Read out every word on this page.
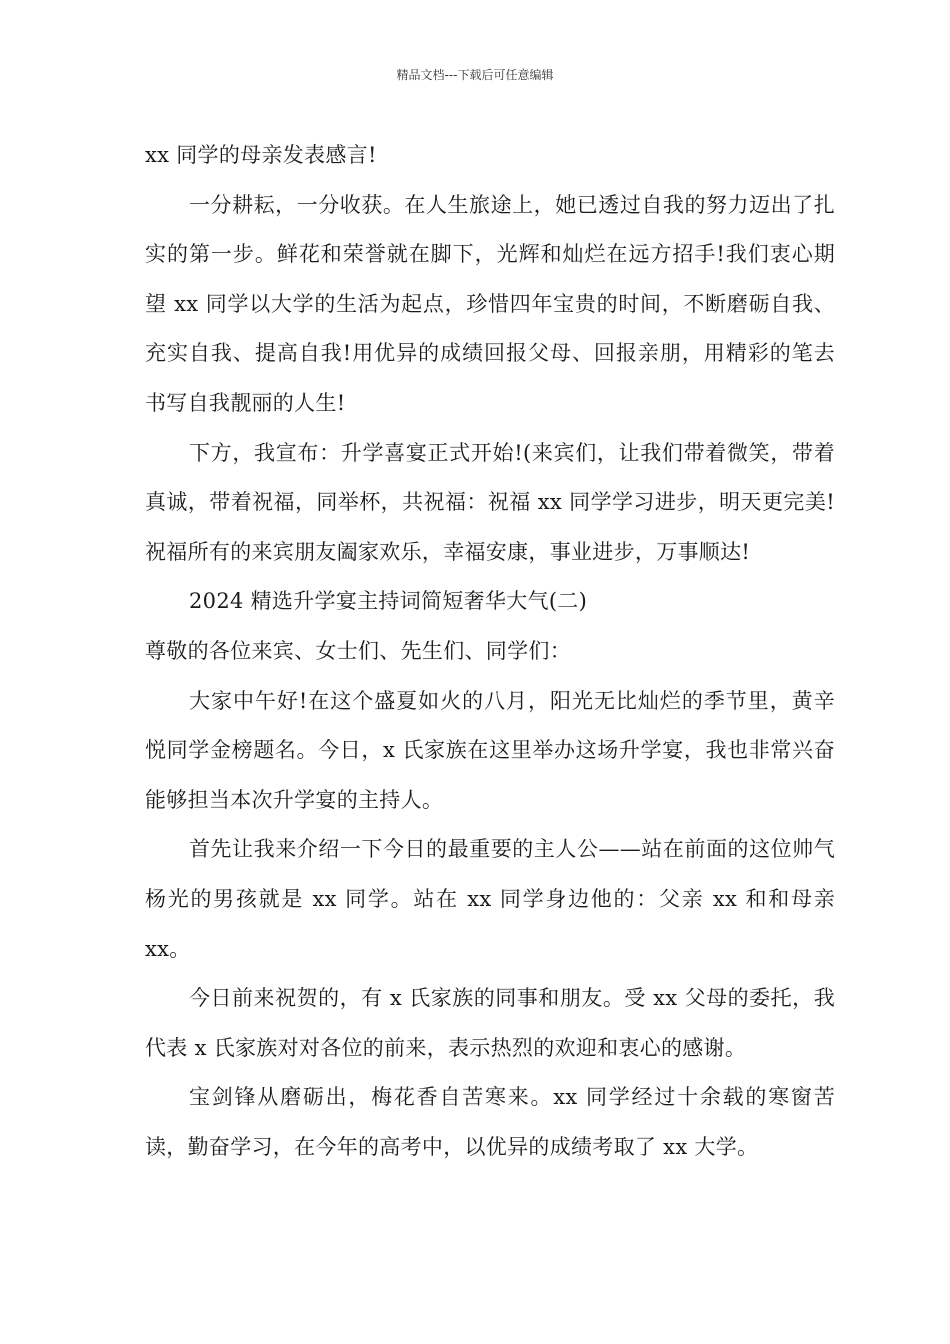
精品文档---下载后可任意编辑

xx 同学的母亲发表感言!

一分耕耘，一分收获。在人生旅途上，她已透过自我的努力迈出了扎实的第一步。鲜花和荣誉就在脚下，光辉和灿烂在远方招手!我们衷心期望 xx 同学以大学的生活为起点，珍惜四年宝贵的时间，不断磨砺自我、充实自我、提高自我!用优异的成绩回报父母、回报亲朋，用精彩的笔去书写自我靓丽的人生!

下方，我宣布：升学喜宴正式开始!(来宾们，让我们带着微笑，带着真诚，带着祝福，同举杯，共祝福：祝福 xx 同学学习进步，明天更完美!祝福所有的来宾朋友阖家欢乐，幸福安康，事业进步，万事顺达!

2024 精选升学宴主持词简短奢华大气(二)

尊敬的各位来宾、女士们、先生们、同学们：

大家中午好!在这个盛夏如火的八月，阳光无比灿烂的季节里，黄辛悦同学金榜题名。今日，x 氏家族在这里举办这场升学宴，我也非常兴奋能够担当本次升学宴的主持人。

首先让我来介绍一下今日的最重要的主人公——站在前面的这位帅气杨光的男孩就是 xx 同学。站在 xx 同学身边他的：父亲 xx 和和母亲 xx。

今日前来祝贺的，有 x 氏家族的同事和朋友。受 xx 父母的委托，我代表 x 氏家族对对各位的前来，表示热烈的欢迎和衷心的感谢。

宝剑锋从磨砺出，梅花香自苦寒来。xx 同学经过十余载的寒窗苦读，勤奋学习，在今年的高考中，以优异的成绩考取了 xx 大学。
